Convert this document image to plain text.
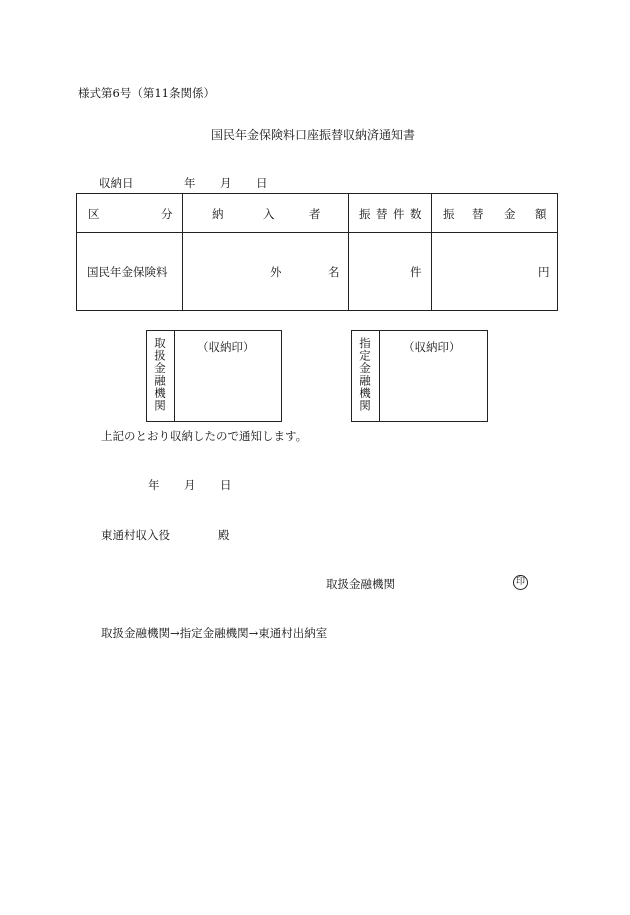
様式第6号（第11条関係）
国民年金保険料口座振替収納済通知書
収納日	年 月 日
区 分	納 入 者	振 替 件 数	振 替 金 額

国民年金保険料	外 名	件	円
取扱金融機関	（収納印）	指定金融機関	（収納印）
上記のとおり収納したので通知します。
年 月 日
東通村収入役	殿
取扱金融機関	印
取扱金融機関→指定金融機関→東通村出納室
